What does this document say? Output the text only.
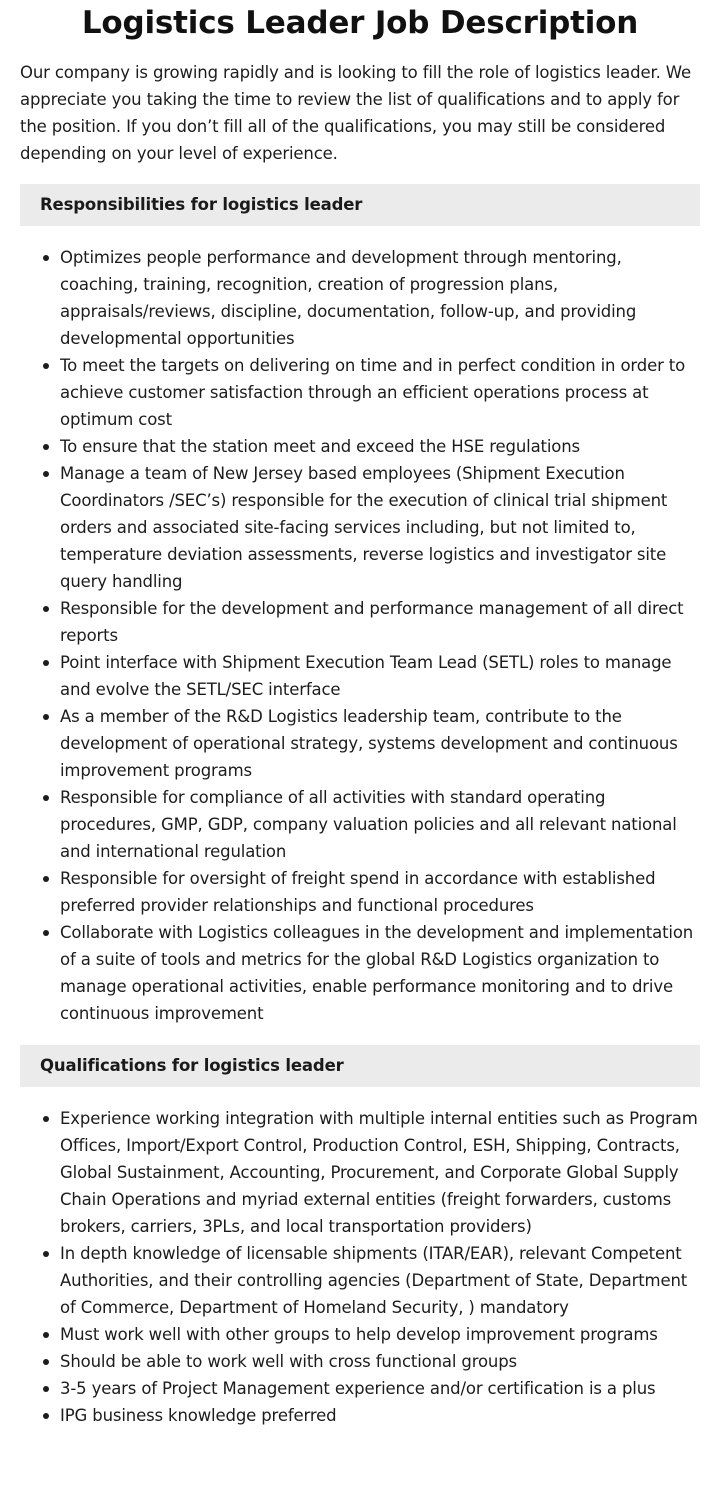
Logistics Leader Job Description

Our company is growing rapidly and is looking to fill the role of logistics leader. We appreciate you taking the time to review the list of qualifications and to apply for the position. If you don’t fill all of the qualifications, you may still be considered depending on your level of experience.

Responsibilities for logistics leader
Optimizes people performance and development through mentoring, coaching, training, recognition, creation of progression plans, appraisals/reviews, discipline, documentation, follow-up, and providing developmental opportunities
To meet the targets on delivering on time and in perfect condition in order to achieve customer satisfaction through an efficient operations process at optimum cost
To ensure that the station meet and exceed the HSE regulations
Manage a team of New Jersey based employees (Shipment Execution Coordinators /SEC’s) responsible for the execution of clinical trial shipment orders and associated site-facing services including, but not limited to, temperature deviation assessments, reverse logistics and investigator site query handling
Responsible for the development and performance management of all direct reports
Point interface with Shipment Execution Team Lead (SETL) roles to manage and evolve the SETL/SEC interface
As a member of the R&D Logistics leadership team, contribute to the development of operational strategy, systems development and continuous improvement programs
Responsible for compliance of all activities with standard operating procedures, GMP, GDP, company valuation policies and all relevant national and international regulation
Responsible for oversight of freight spend in accordance with established preferred provider relationships and functional procedures
Collaborate with Logistics colleagues in the development and implementation of a suite of tools and metrics for the global R&D Logistics organization to manage operational activities, enable performance monitoring and to drive continuous improvement
Qualifications for logistics leader
Experience working integration with multiple internal entities such as Program Offices, Import/Export Control, Production Control, ESH, Shipping, Contracts, Global Sustainment, Accounting, Procurement, and Corporate Global Supply Chain Operations and myriad external entities (freight forwarders, customs brokers, carriers, 3PLs, and local transportation providers)
In depth knowledge of licensable shipments (ITAR/EAR), relevant Competent Authorities, and their controlling agencies (Department of State, Department of Commerce, Department of Homeland Security, ) mandatory
Must work well with other groups to help develop improvement programs
Should be able to work well with cross functional groups
3-5 years of Project Management experience and/or certification is a plus
IPG business knowledge preferred
